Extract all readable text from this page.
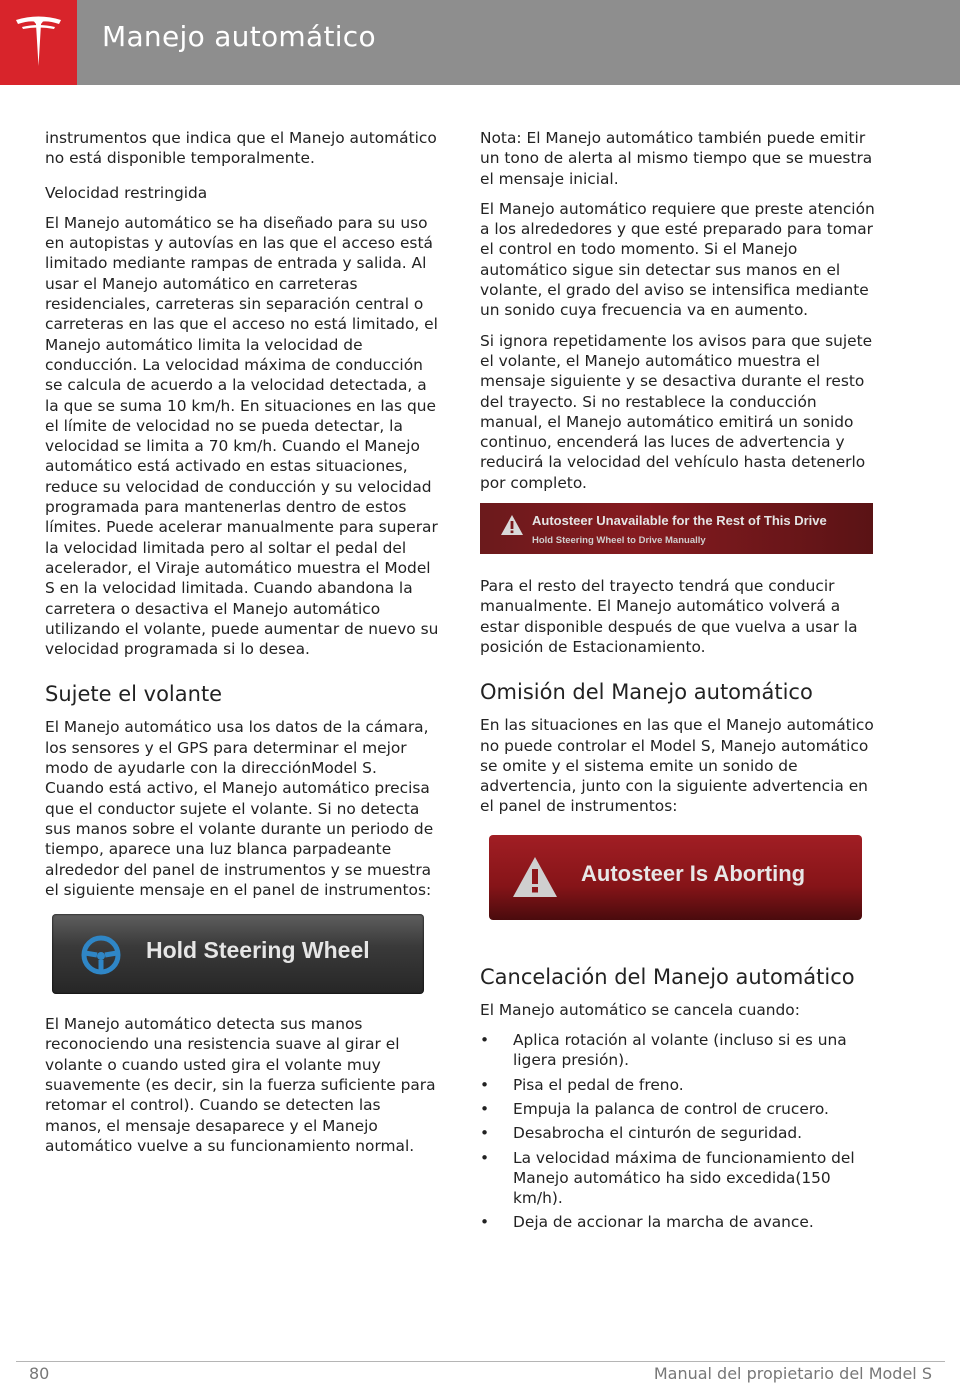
Manejo automático

instrumentos que indica que el Manejo automático no está disponible temporalmente.

Velocidad restringida

El Manejo automático se ha diseñado para su uso en autopistas y autovías en las que el acceso está limitado mediante rampas de entrada y salida. Al usar el Manejo automático en carreteras residenciales, carreteras sin separación central o carreteras en las que el acceso no está limitado, el Manejo automático limita la velocidad de conducción. La velocidad máxima de conducción se calcula de acuerdo a la velocidad detectada, a la que se suma 10 km/h. En situaciones en las que el límite de velocidad no se pueda detectar, la velocidad se limita a 70 km/h. Cuando el Manejo automático está activado en estas situaciones, reduce su velocidad de conducción y su velocidad programada para mantenerlas dentro de estos límites. Puede acelerar manualmente para superar la velocidad limitada pero al soltar el pedal del acelerador, el Viraje automático muestra el Model S en la velocidad limitada. Cuando abandona la carretera o desactiva el Manejo automático utilizando el volante, puede aumentar de nuevo su velocidad programada si lo desea.

Sujete el volante

El Manejo automático usa los datos de la cámara, los sensores y el GPS para determinar el mejor modo de ayudarle con la direcciónModel S. Cuando está activo, el Manejo automático precisa que el conductor sujete el volante. Si no detecta sus manos sobre el volante durante un periodo de tiempo, aparece una luz blanca parpadeante alrededor del panel de instrumentos y se muestra el siguiente mensaje en el panel de instrumentos:

Hold Steering Wheel

El Manejo automático detecta sus manos reconociendo una resistencia suave al girar el volante o cuando usted gira el volante muy suavemente (es decir, sin la fuerza suficiente para retomar el control). Cuando se detecten las manos, el mensaje desaparece y el Manejo automático vuelve a su funcionamiento normal.

Nota: El Manejo automático también puede emitir un tono de alerta al mismo tiempo que se muestra el mensaje inicial.

El Manejo automático requiere que preste atención a los alrededores y que esté preparado para tomar el control en todo momento. Si el Manejo automático sigue sin detectar sus manos en el volante, el grado del aviso se intensifica mediante un sonido cuya frecuencia va en aumento.

Si ignora repetidamente los avisos para que sujete el volante, el Manejo automático muestra el mensaje siguiente y se desactiva durante el resto del trayecto. Si no restablece la conducción manual, el Manejo automático emitirá un sonido continuo, encenderá las luces de advertencia y reducirá la velocidad del vehículo hasta detenerlo por completo.

Autosteer Unavailable for the Rest of This Drive
Hold Steering Wheel to Drive Manually

Para el resto del trayecto tendrá que conducir manualmente. El Manejo automático volverá a estar disponible después de que vuelva a usar la posición de Estacionamiento.

Omisión del Manejo automático

En las situaciones en las que el Manejo automático no puede controlar el Model S, Manejo automático se omite y el sistema emite un sonido de advertencia, junto con la siguiente advertencia en el panel de instrumentos:

Autosteer Is Aborting
Cancelación del Manejo automático

El Manejo automático se cancela cuando:

• Aplica rotación al volante (incluso si es una ligera presión).
• Pisa el pedal de freno.
• Empuja la palanca de control de crucero.
• Desabrocha el cinturón de seguridad.
• La velocidad máxima de funcionamiento del Manejo automático ha sido excedida(150 km/h).
• Deja de accionar la marcha de avance.
80	Manual del propietario del Model S
